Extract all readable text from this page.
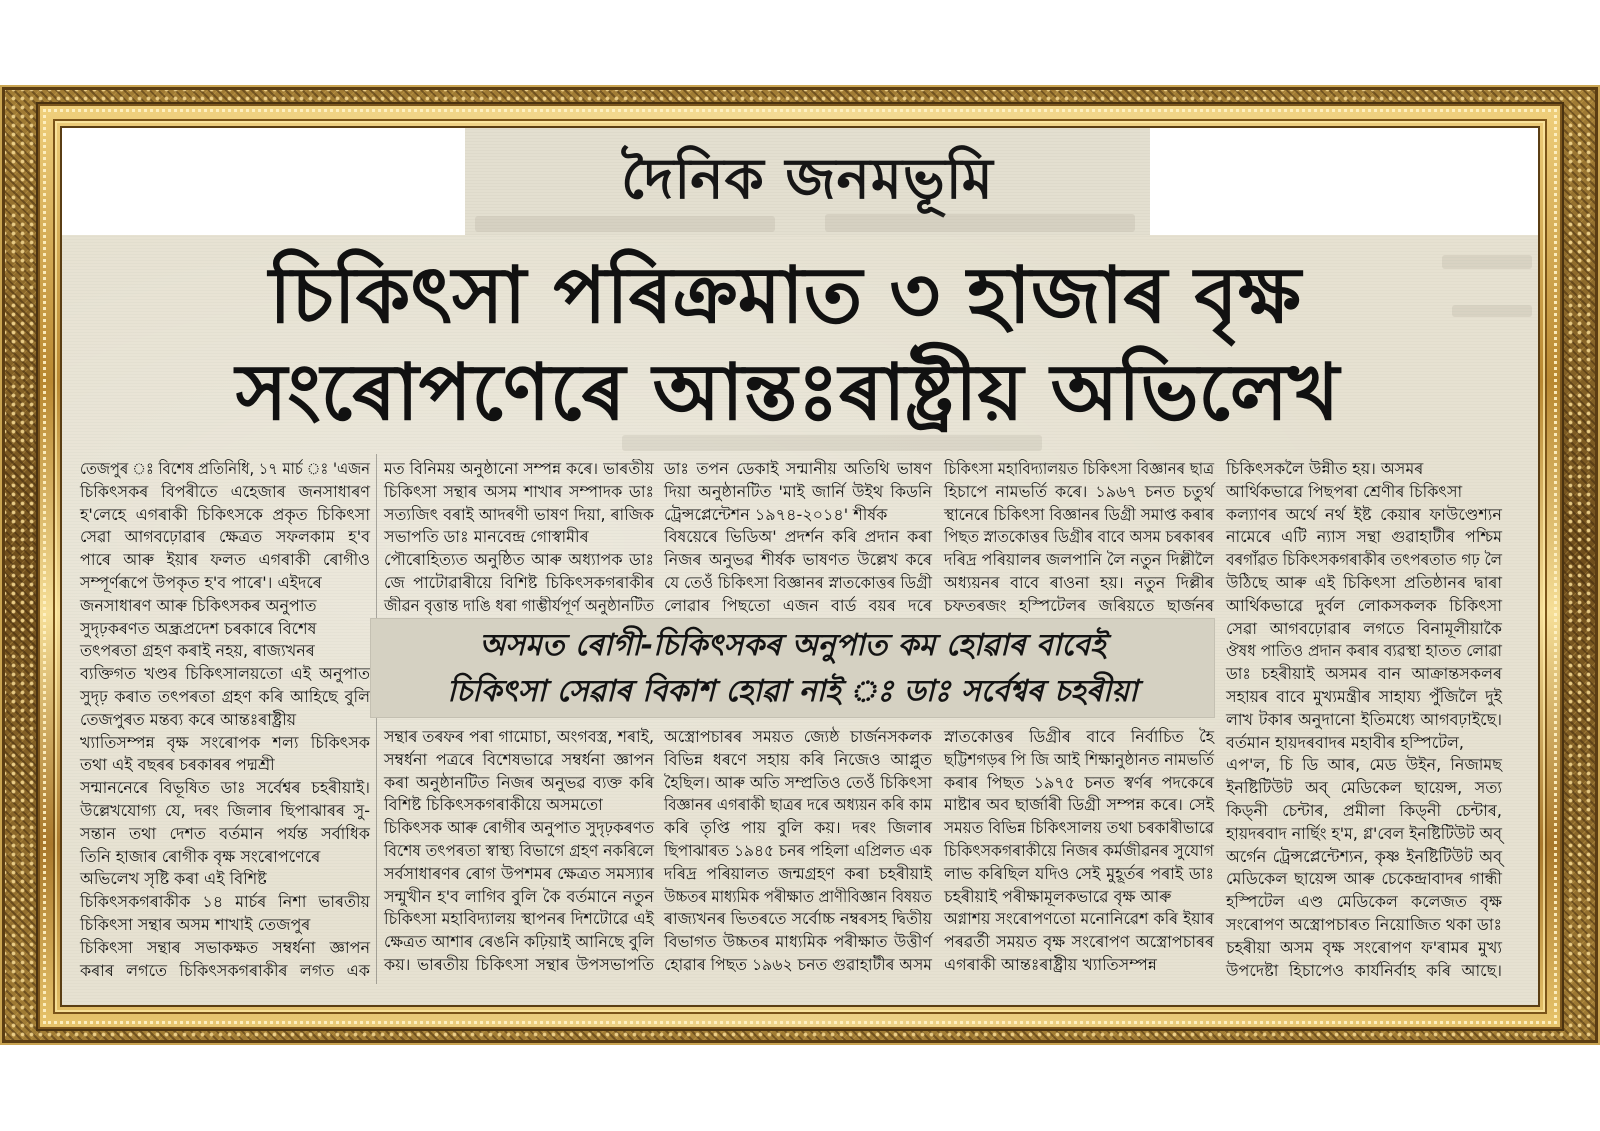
দৈনিক জনমভূমি
চিকিৎসা পৰিক্ৰমাত ৩ হাজাৰ বৃক্ষ
সংৰোপণেৰে আন্তঃৰাষ্ট্ৰীয় অভিলেখ
তেজপুৰ ঃ বিশেষ প্ৰতিনিধি, ১৭ মাৰ্চ ঃ 'এজন
চিকিৎসকৰ বিপৰীতে এহেজাৰ জনসাধাৰণ
হ'লেহে এগৰাকী চিকিৎসকে প্ৰকৃত চিকিৎসা
সেৱা আগবঢ়োৱাৰ ক্ষেত্ৰত সফলকাম হ'ব
পাৰে আৰু ইয়াৰ ফলত এগৰাকী ৰোগীও
সম্পূৰ্ণৰূপে উপকৃত হ'ব পাৰে'। এইদৰে
জনসাধাৰণ আৰু চিকিৎসকৰ অনুপাত
সুদৃঢ়কৰণত অন্ধ্ৰপ্ৰদেশ চৰকাৰে বিশেষ
তৎপৰতা গ্ৰহণ কৰাই নহয়, ৰাজ্যখনৰ
ব্যক্তিগত খণ্ডৰ চিকিৎসালয়তো এই অনুপাত
সুদৃঢ় কৰাত তৎপৰতা গ্ৰহণ কৰি আহিছে বুলি
তেজপুৰত মন্তব্য কৰে আন্তঃৰাষ্ট্ৰীয়
খ্যাতিসম্পন্ন বৃক্ষ সংৰোপক শল্য চিকিৎসক
তথা এই বছৰৰ চৰকাৰৰ পদ্মশ্ৰী
সন্মাননেৰে বিভূষিত ডাঃ সৰ্বেশ্বৰ চহৰীয়াই।
উল্লেখযোগ্য যে, দৰং জিলাৰ ছিপাঝাৰৰ সু-
সন্তান তথা দেশত বৰ্তমান পৰ্যন্ত সৰ্বাধিক
তিনি হাজাৰ ৰোগীক বৃক্ষ সংৰোপণেৰে
অভিলেখ সৃষ্টি কৰা এই বিশিষ্ট
চিকিৎসকগৰাকীক ১৪ মাৰ্চৰ নিশা ভাৰতীয়
চিকিৎসা সন্থাৰ অসম শাখাই তেজপুৰ
চিকিৎসা সন্থাৰ সভাকক্ষত সম্বৰ্ধনা জ্ঞাপন
কৰাৰ লগতে চিকিৎসকগৰাকীৰ লগত এক
মত বিনিময় অনুষ্ঠানো সম্পন্ন কৰে। ভাৰতীয়
চিকিৎসা সন্থাৰ অসম শাখাৰ সম্পাদক ডাঃ
সত্যজিৎ বৰাই আদৰণী ভাষণ দিয়া, ৰাজিক
সভাপতি ডাঃ মানবেন্দ্ৰ গোস্বামীৰ
পৌৰোহিত্যত অনুষ্ঠিত আৰু অধ্যাপক ডাঃ
জে পাটোৱাৰীয়ে বিশিষ্ট চিকিৎসকগৰাকীৰ
জীৱন বৃত্তান্ত দাঙি ধৰা গাম্ভীৰ্যপূৰ্ণ অনুষ্ঠানটিত
ডাঃ তপন ডেকাই সন্মানীয় অতিথি ভাষণ
দিয়া অনুষ্ঠানটিত 'মাই জাৰ্নি উইথ কিডনি
ট্ৰেন্সপ্লেন্টেশন ১৯৭৪-২০১৪' শীৰ্ষক
বিষয়েৰে ভিডিঅ' প্ৰদৰ্শন কৰি প্ৰদান কৰা
নিজৰ অনুভৱ শীৰ্ষক ভাষণত উল্লেখ কৰে
যে তেওঁ চিকিৎসা বিজ্ঞানৰ স্নাতকোত্তৰ ডিগ্ৰী
লোৱাৰ পিছতো এজন বাৰ্ড বয়ৰ দৰে
চিকিৎসা মহাবিদ্যালয়ত চিকিৎসা বিজ্ঞানৰ ছাত্ৰ
হিচাপে নামভৰ্তি কৰে। ১৯৬৭ চনত চতুৰ্থ
স্থানেৰে চিকিৎসা বিজ্ঞানৰ ডিগ্ৰী সমাপ্ত কৰাৰ
পিছত স্নাতকোত্তৰ ডিগ্ৰীৰ বাবে অসম চৰকাৰৰ
দৰিদ্ৰ পৰিয়ালৰ জলপানি লৈ নতুন দিল্লীলৈ
অধ্যয়নৰ বাবে ৰাওনা হয়। নতুন দিল্লীৰ
চফতৰজং হস্পিটেলৰ জৰিয়তে ছাৰ্জনৰ
অসমত ৰোগী-চিকিৎসকৰ অনুপাত কম হোৱাৰ বাবেই
চিকিৎসা সেৱাৰ বিকাশ হোৱা নাই ঃ ডাঃ সৰ্বেশ্বৰ চহৰীয়া
সন্থাৰ তৰফৰ পৰা গামোচা, অংগবস্ত্ৰ, শৰাই,
সম্বৰ্ধনা পত্ৰৰে বিশেষভাৱে সম্বৰ্ধনা জ্ঞাপন
কৰা অনুষ্ঠানটিত নিজৰ অনুভৱ ব্যক্ত কৰি
বিশিষ্ট চিকিৎসকগৰাকীয়ে অসমতো
চিকিৎসক আৰু ৰোগীৰ অনুপাত সুদৃঢ়কৰণত
বিশেষ তৎপৰতা স্বাস্থ্য বিভাগে গ্ৰহণ নকৰিলে
সৰ্বসাধাৰণৰ ৰোগ উপশমৰ ক্ষেত্ৰত সমস্যাৰ
সন্মুখীন হ'ব লাগিব বুলি কৈ বৰ্তমানে নতুন
চিকিৎসা মহাবিদ্যালয় স্থাপনৰ দিশটোৱে এই
ক্ষেত্ৰত আশাৰ ৰেঙনি কঢ়িয়াই আনিছে বুলি
কয়। ভাৰতীয় চিকিৎসা সন্থাৰ উপসভাপতি
অস্ত্ৰোপচাৰৰ সময়ত জ্যেষ্ঠ চাৰ্জনসকলক
বিভিন্ন ধৰণে সহায় কৰি নিজেও আপ্লুত
হৈছিল। আৰু অতি সম্প্ৰতিও তেওঁ চিকিৎসা
বিজ্ঞানৰ এগৰাকী ছাত্ৰৰ দৰে অধ্যয়ন কৰি কাম
কৰি তৃপ্তি পায় বুলি কয়। দৰং জিলাৰ
ছিপাঝাৰত ১৯৪৫ চনৰ পহিলা এপ্ৰিলত এক
দৰিদ্ৰ পৰিয়ালত জন্মগ্ৰহণ কৰা চহৰীয়াই
উচ্চতৰ মাধ্যমিক পৰীক্ষাত প্ৰাণীবিজ্ঞান বিষয়ত
ৰাজ্যখনৰ ভিতৰতে সৰ্বোচ্চ নম্বৰসহ দ্বিতীয়
বিভাগত উচ্চতৰ মাধ্যমিক পৰীক্ষাত উত্তীৰ্ণ
হোৱাৰ পিছত ১৯৬২ চনত গুৱাহাটীৰ অসম
স্নাতকোত্তৰ ডিগ্ৰীৰ বাবে নিৰ্বাচিত হৈ
ছট্টিশগড়ৰ পি জি আই শিক্ষানুষ্ঠানত নামভৰ্তি
কৰাৰ পিছত ১৯৭৫ চনত স্বৰ্ণৰ পদকেৰে
মাষ্টাৰ অব ছাৰ্জাৰী ডিগ্ৰী সম্পন্ন কৰে। সেই
সময়ত বিভিন্ন চিকিৎসালয় তথা চৰকাৰীভাৱে
চিকিৎসকগৰাকীয়ে নিজৰ কৰ্মজীৱনৰ সুযোগ
লাভ কৰিছিল যদিও সেই মুহূৰ্তৰ পৰাই ডাঃ
চহৰীয়াই পৰীক্ষামূলকভাৱে বৃক্ষ আৰু
অগ্নাশয় সংৰোপণতো মনোনিৱেশ কৰি ইয়াৰ
পৰৱৰ্তী সময়ত বৃক্ষ সংৰোপণ অস্ত্ৰোপচাৰৰ
এগৰাকী আন্তঃৰাষ্ট্ৰীয় খ্যাতিসম্পন্ন
চিকিৎসকলৈ উন্নীত হয়। অসমৰ
আৰ্থিকভাৱে পিছপৰা শ্ৰেণীৰ চিকিৎসা
কল্যাণৰ অৰ্থে নৰ্থ ইষ্ট কেয়াৰ ফাউণ্ডেশ্যন
নামেৰে এটি ন্যাস সন্থা গুৱাহাটীৰ পশ্চিম
বৰগাঁৱত চিকিৎসকগৰাকীৰ তৎপৰতাত গঢ় লৈ
উঠিছে আৰু এই চিকিৎসা প্ৰতিষ্ঠানৰ দ্বাৰা
আৰ্থিকভাৱে দুৰ্বল লোকসকলক চিকিৎসা
সেৱা আগবঢ়োৱাৰ লগতে বিনামূলীয়াকৈ
ঔষধ পাতিও প্ৰদান কৰাৰ ব্যৱস্থা হাতত লোৱা
ডাঃ চহৰীয়াই অসমৰ বান আক্ৰান্তসকলৰ
সহায়ৰ বাবে মুখ্যমন্ত্ৰীৰ সাহায্য পুঁজিলৈ দুই
লাখ টকাৰ অনুদানো ইতিমধ্যে আগবঢ়াইছে।
বৰ্তমান হায়দৰবাদৰ মহাবীৰ হস্পিটেল,
এপ'ল, চি ডি আৰ, মেড উইন, নিজামছ
ইনষ্টিটিউট অব্ মেডিকেল ছায়েন্স, সত্য
কিড্নী চেন্টাৰ, প্ৰমীলা কিড্নী চেন্টাৰ,
হায়দৰবাদ নাৰ্ছিং হ'ম, গ্ল'বেল ইনষ্টিটিউট অব্
অৰ্গেন ট্ৰেন্সপ্লেন্টেশ্যন, কৃষ্ণ ইনষ্টিটিউট অব্
মেডিকেল ছায়েন্স আৰু চেকেন্দ্ৰাবাদৰ গান্ধী
হস্পিটেল এণ্ড মেডিকেল কলেজত বৃক্ষ
সংৰোপণ অস্ত্ৰোপচাৰত নিয়োজিত থকা ডাঃ
চহৰীয়া অসম বৃক্ষ সংৰোপণ ফ'ৰামৰ মুখ্য
উপদেষ্টা হিচাপেও কাৰ্যনিৰ্বাহ কৰি আছে।
